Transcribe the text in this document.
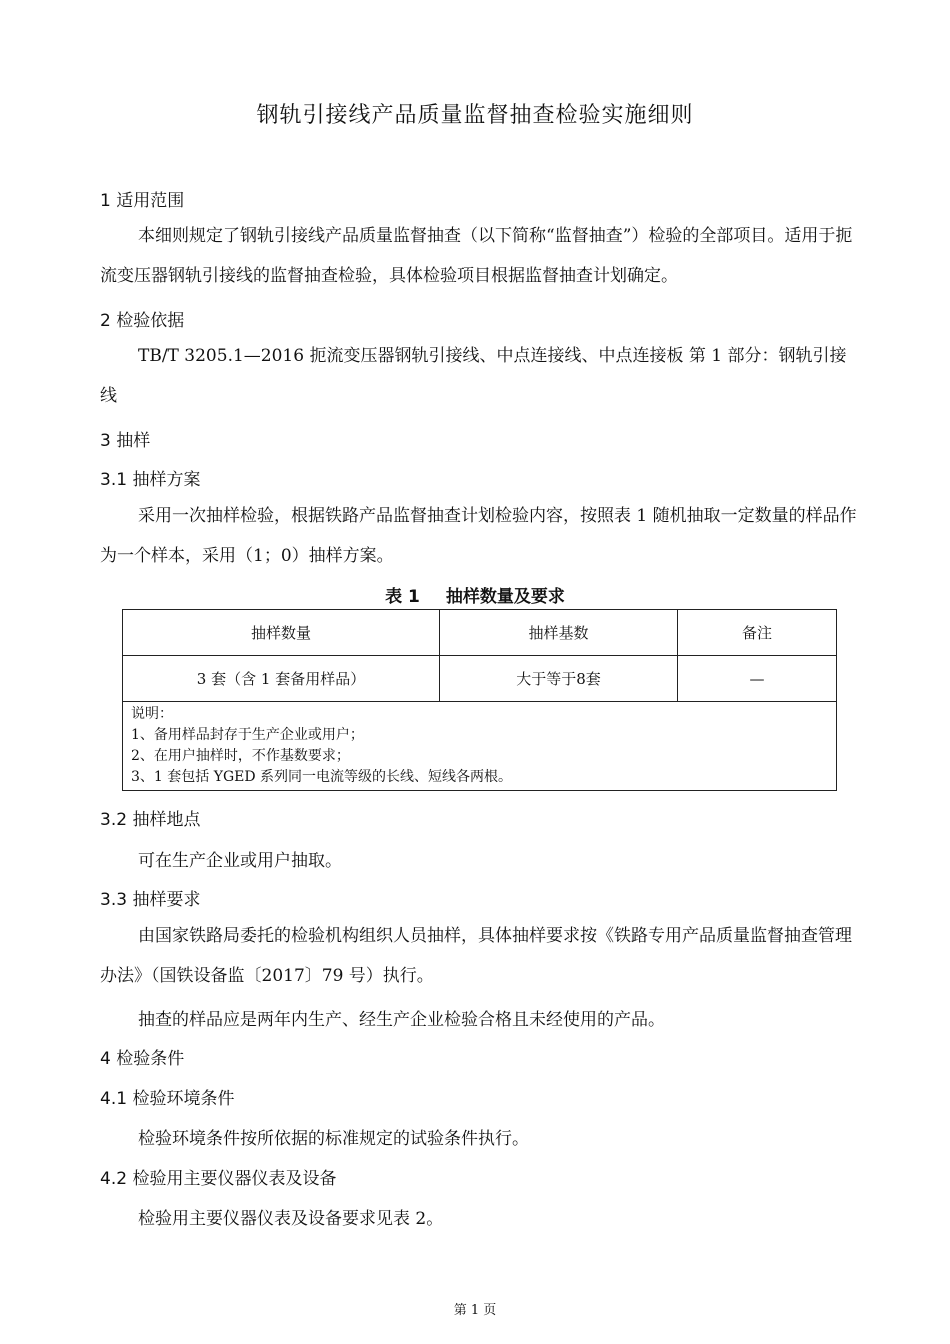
钢轨引接线产品质量监督抽查检验实施细则
1 适用范围
本细则规定了钢轨引接线产品质量监督抽查（以下简称“监督抽查”）检验的全部项目。适用于扼流变压器钢轨引接线的监督抽查检验，具体检验项目根据监督抽查计划确定。
2 检验依据
TB/T 3205.1—2016 扼流变压器钢轨引接线、中点连接线、中点连接板 第 1 部分：钢轨引接线
3 抽样
3.1 抽样方案
采用一次抽样检验，根据铁路产品监督抽查计划检验内容，按照表 1 随机抽取一定数量的样品作为一个样本，采用（1；0）抽样方案。
表 1 抽样数量及要求
抽样数量	抽样基数	备注
3 套（含 1 套备用样品）	大于等于8套	—

说明：
1、备用样品封存于生产企业或用户；
2、在用户抽样时，不作基数要求；
3、1 套包括 YGED 系列同一电流等级的长线、短线各两根。		
3.2 抽样地点
可在生产企业或用户抽取。
3.3 抽样要求
由国家铁路局委托的检验机构组织人员抽样，具体抽样要求按《铁路专用产品质量监督抽查管理办法》（国铁设备监〔2017〕79 号）执行。
抽查的样品应是两年内生产、经生产企业检验合格且未经使用的产品。
4 检验条件
4.1 检验环境条件
检验环境条件按所依据的标准规定的试验条件执行。
4.2 检验用主要仪器仪表及设备
检验用主要仪器仪表及设备要求见表 2。
第 1 页
